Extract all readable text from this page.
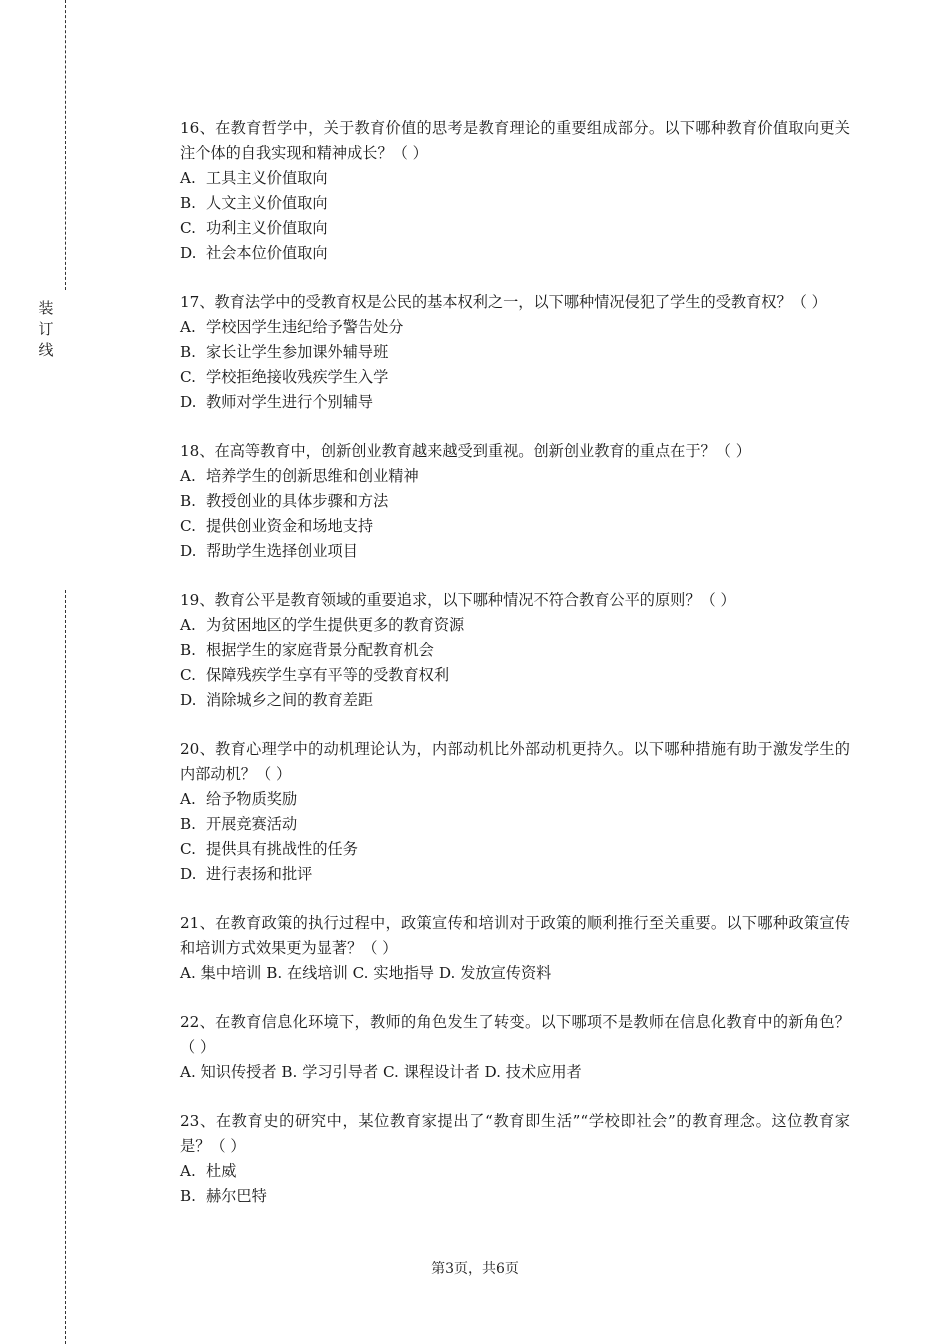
装
订
线

16、在教育哲学中，关于教育价值的思考是教育理论的重要组成部分。以下哪种教育价值取向更关注个体的自我实现和精神成长？（ ）

A. 工具主义价值取向

B. 人文主义价值取向

C. 功利主义价值取向

D. 社会本位价值取向

17、教育法学中的受教育权是公民的基本权利之一，以下哪种情况侵犯了学生的受教育权？（ ）

A. 学校因学生违纪给予警告处分

B. 家长让学生参加课外辅导班

C. 学校拒绝接收残疾学生入学

D. 教师对学生进行个别辅导

18、在高等教育中，创新创业教育越来越受到重视。创新创业教育的重点在于？（ ）

A. 培养学生的创新思维和创业精神

B. 教授创业的具体步骤和方法

C. 提供创业资金和场地支持

D. 帮助学生选择创业项目

19、教育公平是教育领域的重要追求，以下哪种情况不符合教育公平的原则？（ ）

A. 为贫困地区的学生提供更多的教育资源

B. 根据学生的家庭背景分配教育机会

C. 保障残疾学生享有平等的受教育权利

D. 消除城乡之间的教育差距

20、教育心理学中的动机理论认为，内部动机比外部动机更持久。以下哪种措施有助于激发学生的内部动机？（ ）

A. 给予物质奖励

B. 开展竞赛活动

C. 提供具有挑战性的任务

D. 进行表扬和批评

21、在教育政策的执行过程中，政策宣传和培训对于政策的顺利推行至关重要。以下哪种政策宣传和培训方式效果更为显著？（ ）

A. 集中培训 B. 在线培训 C. 实地指导 D. 发放宣传资料

22、在教育信息化环境下，教师的角色发生了转变。以下哪项不是教师在信息化教育中的新角色？（ ）

A. 知识传授者 B. 学习引导者 C. 课程设计者 D. 技术应用者

23、在教育史的研究中，某位教育家提出了“教育即生活”“学校即社会”的教育理念。这位教育家是？（ ）

A. 杜威

B. 赫尔巴特

第3页，共6页
